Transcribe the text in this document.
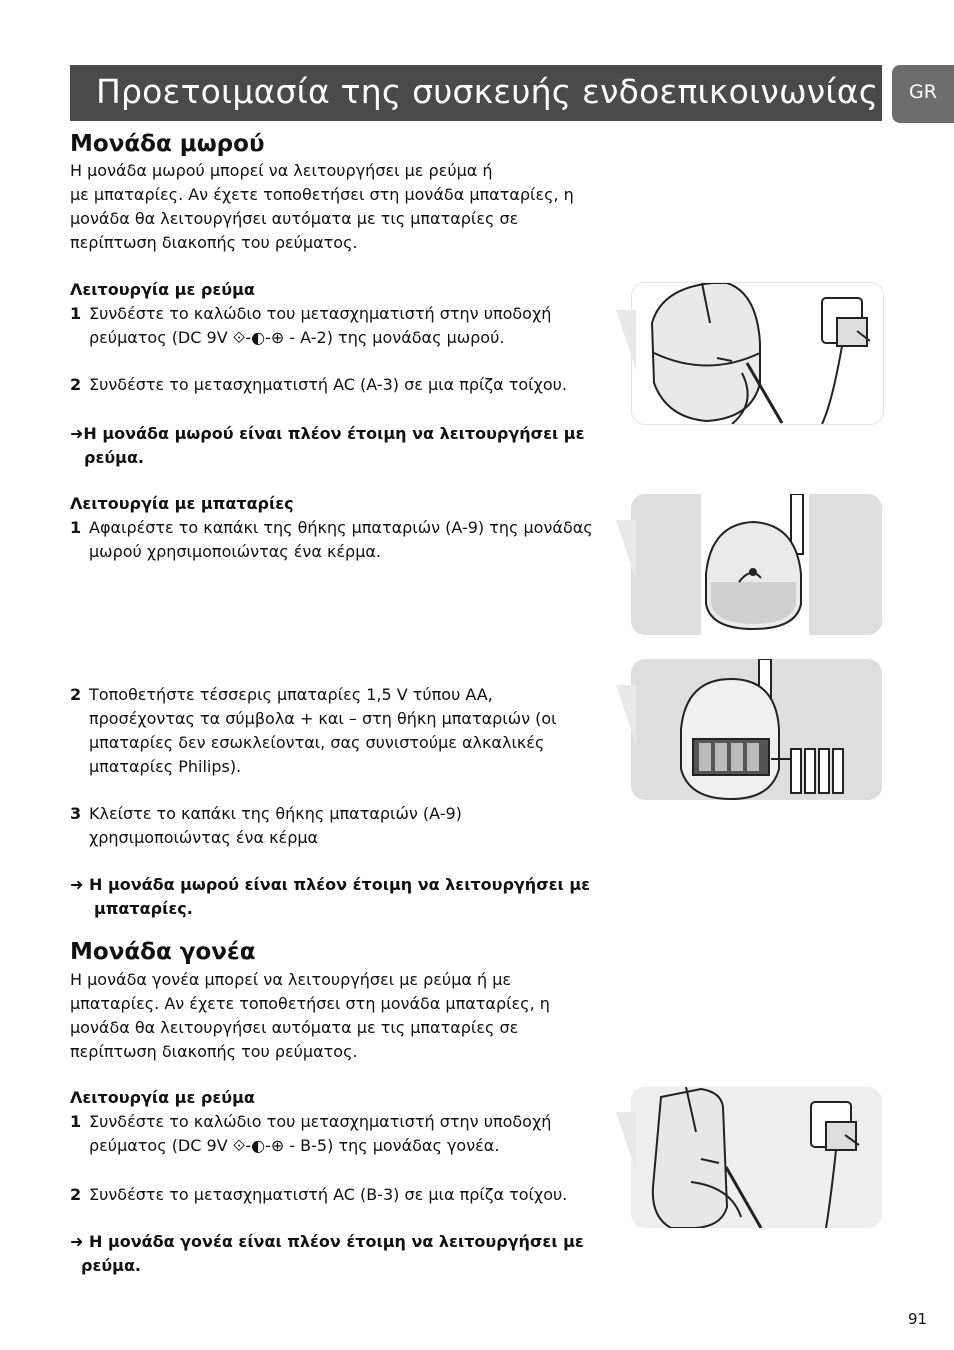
Προετοιμασία της συσκευής ενδοεπικοινωνίας GR
Μονάδα μωρού
Η μονάδα μωρού μπορεί να λειτουργήσει με ρεύμα ή
με μπαταρίες. Αν έχετε τοποθετήσει στη μονάδα μπαταρίες, η
μονάδα θα λειτουργήσει αυτόματα με τις μπαταρίες σε
περίπτωση διακοπής του ρεύματος.
Λειτουργία με ρεύμα
1 Συνδέστε το καλώδιο του μετασχηματιστή στην υποδοχή
ρεύματος (DC 9V ⟐-◐-⊕ - A-2) της μονάδας μωρού.
2 Συνδέστε το μετασχηματιστή AC (A-3) σε μια πρίζα τοίχου.
➜Η μονάδα μωρού είναι πλέον έτοιμη να λειτουργήσει με
ρεύμα.
Λειτουργία με μπαταρίες
1 Αφαιρέστε το καπάκι της θήκης μπαταριών (A-9) της μονάδας
μωρού χρησιμοποιώντας ένα κέρμα.
2 Τοποθετήστε τέσσερις μπαταρίες 1,5 V τύπου AA,
προσέχοντας τα σύμβολα + και – στη θήκη μπαταριών (οι
μπαταρίες δεν εσωκλείονται, σας συνιστούμε αλκαλικές
μπαταρίες Philips).
3 Κλείστε το καπάκι της θήκης μπαταριών (A-9)
χρησιμοποιώντας ένα κέρμα
➜ Η μονάδα μωρού είναι πλέον έτοιμη να λειτουργήσει με
μπαταρίες.
Μονάδα γονέα
Η μονάδα γονέα μπορεί να λειτουργήσει με ρεύμα ή με
μπαταρίες. Αν έχετε τοποθετήσει στη μονάδα μπαταρίες, η
μονάδα θα λειτουργήσει αυτόματα με τις μπαταρίες σε
περίπτωση διακοπής του ρεύματος.
Λειτουργία με ρεύμα
1 Συνδέστε το καλώδιο του μετασχηματιστή στην υποδοχή
ρεύματος (DC 9V ⟐-◐-⊕ - B-5) της μονάδας γονέα.
2 Συνδέστε το μετασχηματιστή AC (B-3) σε μια πρίζα τοίχου.
➜ Η μονάδα γονέα είναι πλέον έτοιμη να λειτουργήσει με
ρεύμα.
91
